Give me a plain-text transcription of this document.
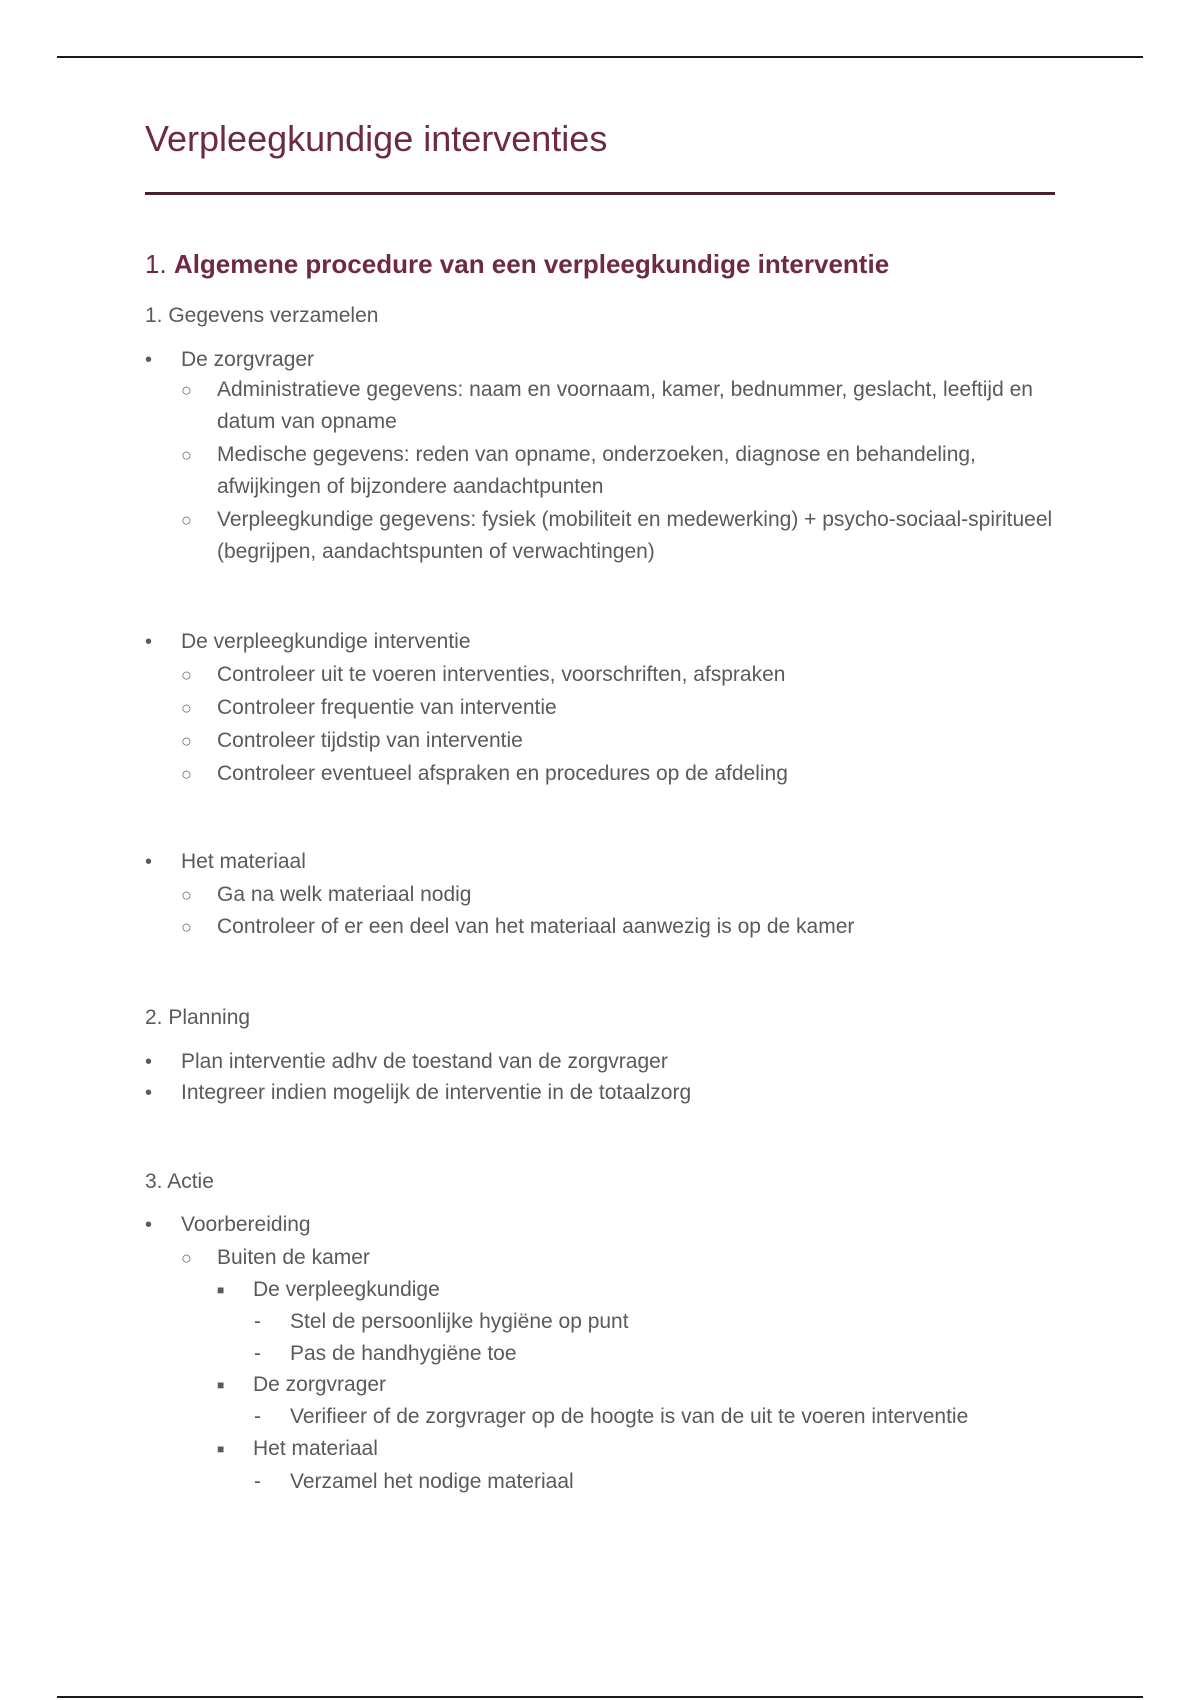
Verpleegkundige interventies
1. Algemene procedure van een verpleegkundige interventie
1. Gegevens verzamelen
• De zorgvrager
○ Administratieve gegevens: naam en voornaam, kamer, bednummer, geslacht, leeftijd en datum van opname
○ Medische gegevens: reden van opname, onderzoeken, diagnose en behandeling, afwijkingen of bijzondere aandachtpunten
○ Verpleegkundige gegevens: fysiek (mobiliteit en medewerking) + psycho-sociaal-spiritueel (begrijpen, aandachtspunten of verwachtingen)
• De verpleegkundige interventie
○ Controleer uit te voeren interventies, voorschriften, afspraken
○ Controleer frequentie van interventie
○ Controleer tijdstip van interventie
○ Controleer eventueel afspraken en procedures op de afdeling
• Het materiaal
○ Ga na welk materiaal nodig
○ Controleer of er een deel van het materiaal aanwezig is op de kamer
2. Planning
• Plan interventie adhv de toestand van de zorgvrager
• Integreer indien mogelijk de interventie in de totaalzorg
3. Actie
• Voorbereiding
○ Buiten de kamer
■ De verpleegkundige
- Stel de persoonlijke hygiëne op punt
- Pas de handhygiëne toe
■ De zorgvrager
- Verifieer of de zorgvrager op de hoogte is van de uit te voeren interventie
■ Het materiaal
- Verzamel het nodige materiaal
